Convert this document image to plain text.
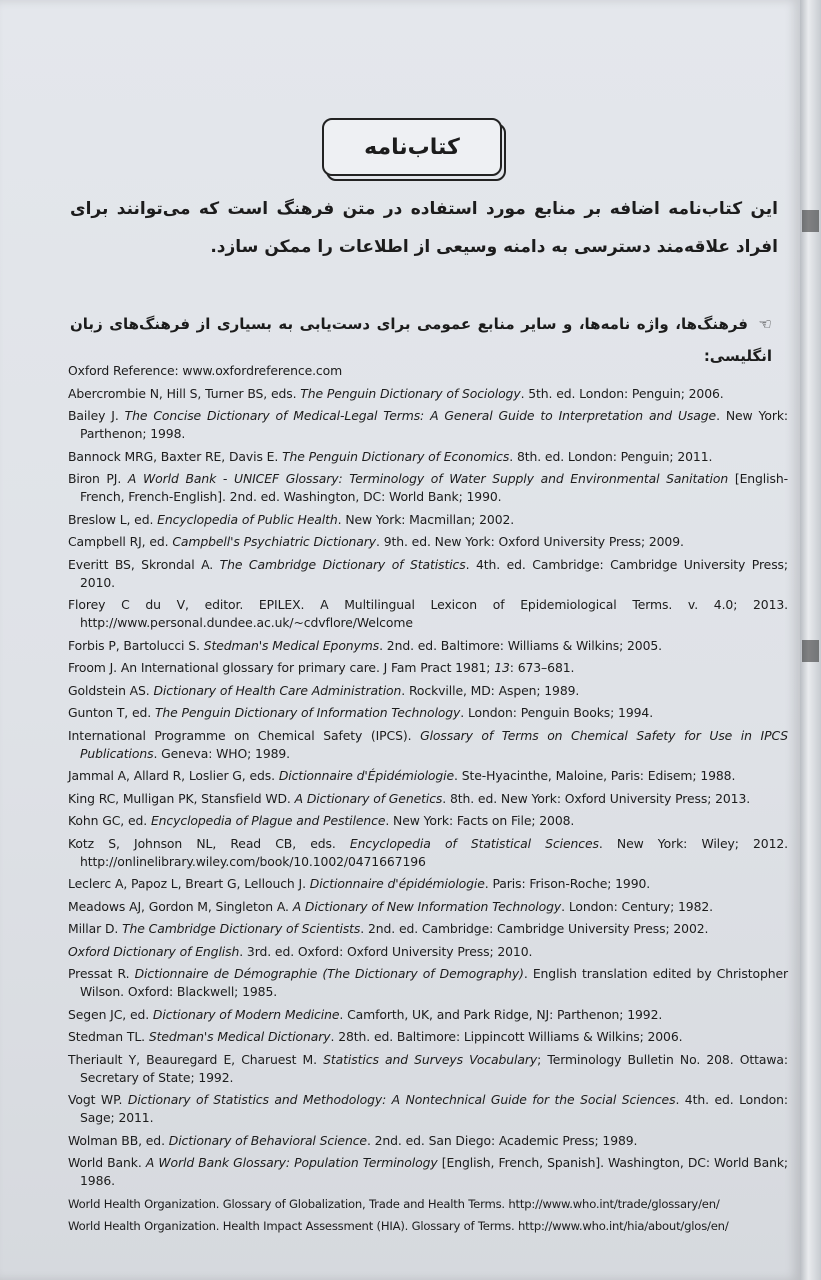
کتاب‌نامه
این کتاب‌نامه اضافه بر منابع مورد استفاده در متن فرهنگ است که می‌توانند برای افراد علاقه‌مند دسترسی به دامنه وسیعی از اطلاعات را ممکن سازد.
☜ فرهنگ‌ها، واژه نامه‌ها، و سایر منابع عمومی برای دست‌یابی به بسیاری از فرهنگ‌های زبان انگلیسی:
Oxford Reference: www.oxfordreference.com
Abercrombie N, Hill S, Turner BS, eds. The Penguin Dictionary of Sociology. 5th. ed. London: Penguin; 2006.
Bailey J. The Concise Dictionary of Medical-Legal Terms: A General Guide to Interpretation and Usage. New York: Parthenon; 1998.
Bannock MRG, Baxter RE, Davis E. The Penguin Dictionary of Economics. 8th. ed. London: Penguin; 2011.
Biron PJ. A World Bank - UNICEF Glossary: Terminology of Water Supply and Environmental Sanitation [English-French, French-English]. 2nd. ed. Washington, DC: World Bank; 1990.
Breslow L, ed. Encyclopedia of Public Health. New York: Macmillan; 2002.
Campbell RJ, ed. Campbell's Psychiatric Dictionary. 9th. ed. New York: Oxford University Press; 2009.
Everitt BS, Skrondal A. The Cambridge Dictionary of Statistics. 4th. ed. Cambridge: Cambridge University Press; 2010.
Florey C du V, editor. EPILEX. A Multilingual Lexicon of Epidemiological Terms. v. 4.0; 2013. http://www.personal.dundee.ac.uk/~cdvflore/Welcome
Forbis P, Bartolucci S. Stedman's Medical Eponyms. 2nd. ed. Baltimore: Williams & Wilkins; 2005.
Froom J. An International glossary for primary care. J Fam Pract 1981; 13: 673–681.
Goldstein AS. Dictionary of Health Care Administration. Rockville, MD: Aspen; 1989.
Gunton T, ed. The Penguin Dictionary of Information Technology. London: Penguin Books; 1994.
International Programme on Chemical Safety (IPCS). Glossary of Terms on Chemical Safety for Use in IPCS Publications. Geneva: WHO; 1989.
Jammal A, Allard R, Loslier G, eds. Dictionnaire d'Épidémiologie. Ste-Hyacinthe, Maloine, Paris: Edisem; 1988.
King RC, Mulligan PK, Stansfield WD. A Dictionary of Genetics. 8th. ed. New York: Oxford University Press; 2013.
Kohn GC, ed. Encyclopedia of Plague and Pestilence. New York: Facts on File; 2008.
Kotz S, Johnson NL, Read CB, eds. Encyclopedia of Statistical Sciences. New York: Wiley; 2012. http://onlinelibrary.wiley.com/book/10.1002/0471667196
Leclerc A, Papoz L, Breart G, Lellouch J. Dictionnaire d'épidémiologie. Paris: Frison-Roche; 1990.
Meadows AJ, Gordon M, Singleton A. A Dictionary of New Information Technology. London: Century; 1982.
Millar D. The Cambridge Dictionary of Scientists. 2nd. ed. Cambridge: Cambridge University Press; 2002.
Oxford Dictionary of English. 3rd. ed. Oxford: Oxford University Press; 2010.
Pressat R. Dictionnaire de Démographie (The Dictionary of Demography). English translation edited by Christopher Wilson. Oxford: Blackwell; 1985.
Segen JC, ed. Dictionary of Modern Medicine. Camforth, UK, and Park Ridge, NJ: Parthenon; 1992.
Stedman TL. Stedman's Medical Dictionary. 28th. ed. Baltimore: Lippincott Williams & Wilkins; 2006.
Theriault Y, Beauregard E, Charuest M. Statistics and Surveys Vocabulary; Terminology Bulletin No. 208. Ottawa: Secretary of State; 1992.
Vogt WP. Dictionary of Statistics and Methodology: A Nontechnical Guide for the Social Sciences. 4th. ed. London: Sage; 2011.
Wolman BB, ed. Dictionary of Behavioral Science. 2nd. ed. San Diego: Academic Press; 1989.
World Bank. A World Bank Glossary: Population Terminology [English, French, Spanish]. Washington, DC: World Bank; 1986.
World Health Organization. Glossary of Globalization, Trade and Health Terms. http://www.who.int/trade/glossary/en/
World Health Organization. Health Impact Assessment (HIA). Glossary of Terms. http://www.who.int/hia/about/glos/en/
